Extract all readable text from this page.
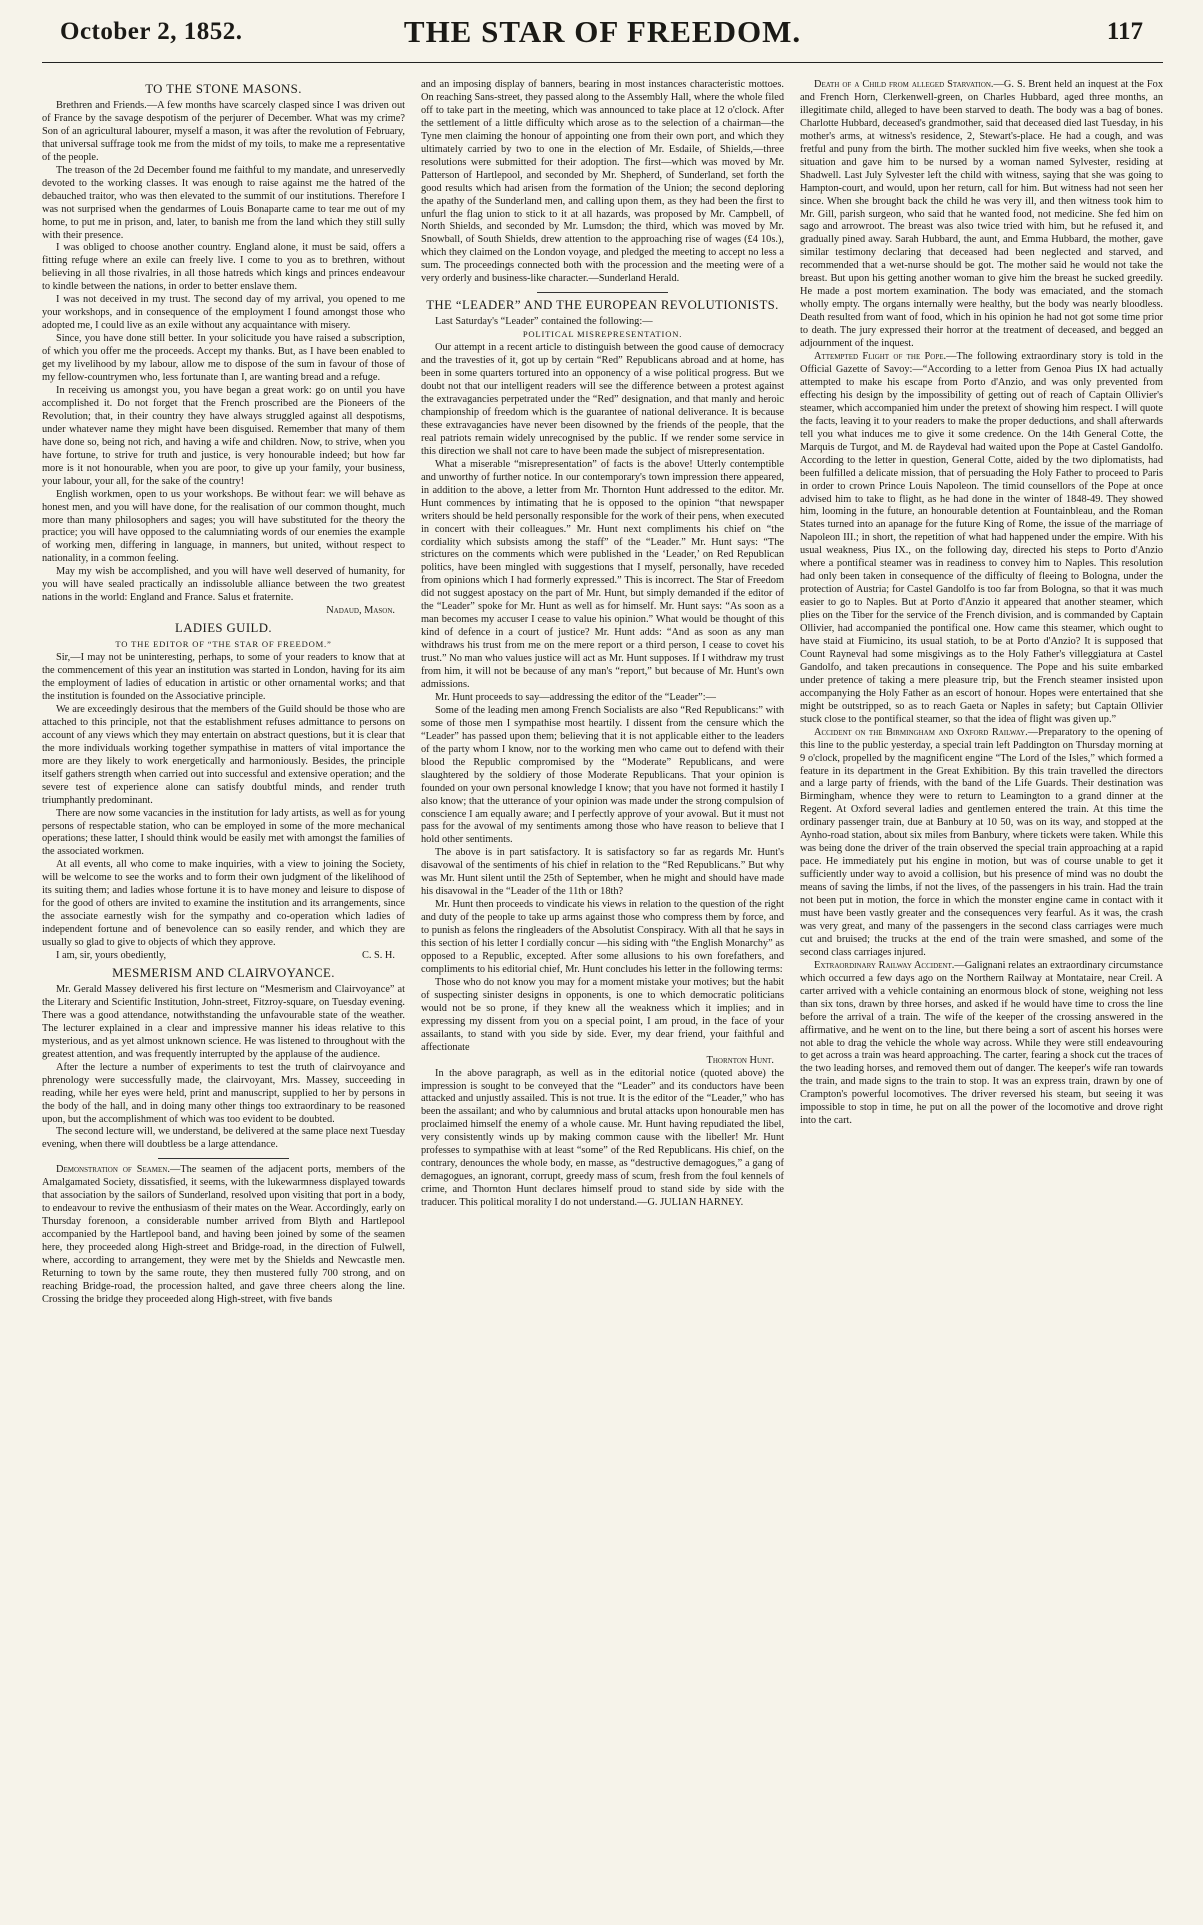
October 2, 1852.	THE STAR OF FREEDOM.	117
TO THE STONE MASONS.

Brethren and Friends.—A few months have scarcely clasped since I was driven out of France by the savage despotism of the perjurer of December. What was my crime? Son of an agricultural labourer, myself a mason, it was after the revolution of February, that universal suffrage took me from the midst of my toils, to make me a representative of the people.

The treason of the 2d December found me faithful to my mandate, and unreservedly devoted to the working classes. It was enough to raise against me the hatred of the debauched traitor, who was then elevated to the summit of our institutions. Therefore I was not surprised when the gendarmes of Louis Bonaparte came to tear me out of my home, to put me in prison, and, later, to banish me from the land which they still sully with their presence.

I was obliged to choose another country. England alone, it must be said, offers a fitting refuge where an exile can freely live. I come to you as to brethren, without believing in all those rivalries, in all those hatreds which kings and princes endeavour to kindle between the nations, in order to better enslave them.

I was not deceived in my trust. The second day of my arrival, you opened to me your workshops, and in consequence of the employment I found amongst those who adopted me, I could live as an exile without any acquaintance with misery.

Since, you have done still better. In your solicitude you have raised a subscription, of which you offer me the proceeds. Accept my thanks. But, as I have been enabled to get my livelihood by my labour, allow me to dispose of the sum in favour of those of my fellow-countrymen who, less fortunate than I, are wanting bread and a refuge.

In receiving us amongst you, you have began a great work: go on until you have accomplished it. Do not forget that the French proscribed are the Pioneers of the Revolution; that, in their country they have always struggled against all despotisms, under whatever name they might have been disguised. Remember that many of them have done so, being not rich, and having a wife and children. Now, to strive, when you have fortune, to strive for truth and justice, is very honourable indeed; but how far more is it not honourable, when you are poor, to give up your family, your business, your labour, your all, for the sake of the country!

English workmen, open to us your workshops. Be without fear: we will behave as honest men, and you will have done, for the realisation of our common thought, much more than many philosophers and sages; you will have substituted for the theory the practice; you will have opposed to the calumniating words of our enemies the example of working men, differing in language, in manners, but united, without respect to nationality, in a common feeling.

May my wish be accomplished, and you will have well deserved of humanity, for you will have sealed practically an indissoluble alliance between the two greatest nations in the world: England and France. Salus et fraternite.

Nadaud, Mason.
LADIES GUILD.
TO THE EDITOR OF “THE STAR OF FREEDOM.”

Sir,—I may not be uninteresting, perhaps, to some of your readers to know that at the commencement of this year an institution was started in London, having for its aim the employment of ladies of education in artistic or other ornamental works; and that the institution is founded on the Associative principle.

We are exceedingly desirous that the members of the Guild should be those who are attached to this principle, not that the establishment refuses admittance to persons on account of any views which they may entertain on abstract questions, but it is clear that the more individuals working together sympathise in matters of vital importance the more are they likely to work energetically and harmoniously. Besides, the principle itself gathers strength when carried out into successful and extensive operation; and the severe test of experience alone can satisfy doubtful minds, and render truth triumphantly predominant.

There are now some vacancies in the institution for lady artists, as well as for young persons of respectable station, who can be employed in some of the more mechanical operations; these latter, I should think would be easily met with amongst the families of the associated workmen.

At all events, all who come to make inquiries, with a view to joining the Society, will be welcome to see the works and to form their own judgment of the likelihood of its suiting them; and ladies whose fortune it is to have money and leisure to dispose of for the good of others are invited to examine the institution and its arrangements, since the associate earnestly wish for the sympathy and co-operation which ladies of independent fortune and of benevolence can so easily render, and which they are usually so glad to give to objects of which they approve.

I am, sir, yours obediently,	C. S. H.
MESMERISM AND CLAIRVOYANCE.

Mr. Gerald Massey delivered his first lecture on “Mesmerism and Clairvoyance” at the Literary and Scientific Institution, John-street, Fitzroy-square, on Tuesday evening. There was a good attendance, notwithstanding the unfavourable state of the weather. The lecturer explained in a clear and impressive manner his ideas relative to this mysterious, and as yet almost unknown science. He was listened to throughout with the greatest attention, and was frequently interrupted by the applause of the audience.

After the lecture a number of experiments to test the truth of clairvoyance and phrenology were successfully made, the clairvoyant, Mrs. Massey, succeeding in reading, while her eyes were held, print and manuscript, supplied to her by persons in the body of the hall, and in doing many other things too extraordinary to be reasoned upon, but the accomplishment of which was too evident to be doubted.

The second lecture will, we understand, be delivered at the same place next Tuesday evening, when there will doubtless be a large attendance.

Demonstration of Seamen.—The seamen of the adjacent ports, members of the Amalgamated Society, dissatisfied, it seems, with the lukewarmness displayed towards that association by the sailors of Sunderland, resolved upon visiting that port in a body, to endeavour to revive the enthusiasm of their mates on the Wear. Accordingly, early on Thursday forenoon, a considerable number arrived from Blyth and Hartlepool accompanied by the Hartlepool band, and having been joined by some of the seamen here, they proceeded along High-street and Bridge-road, in the direction of Fulwell, where, according to arrangement, they were met by the Shields and Newcastle men. Returning to town by the same route, they then mustered fully 700 strong, and on reaching Bridge-road, the procession halted, and gave three cheers along the line. Crossing the bridge they proceeded along High-street, with five bands

and an imposing display of banners, bearing in most instances characteristic mottoes. On reaching Sans-street, they passed along to the Assembly Hall, where the whole filed off to take part in the meeting, which was announced to take place at 12 o'clock. After the settlement of a little difficulty which arose as to the selection of a chairman—the Tyne men claiming the honour of appointing one from their own port, and which they ultimately carried by two to one in the election of Mr. Esdaile, of Shields,—three resolutions were submitted for their adoption. The first—which was moved by Mr. Patterson of Hartlepool, and seconded by Mr. Shepherd, of Sunderland, set forth the good results which had arisen from the formation of the Union; the second deploring the apathy of the Sunderland men, and calling upon them, as they had been the first to unfurl the flag union to stick to it at all hazards, was proposed by Mr. Campbell, of North Shields, and seconded by Mr. Lumsdon; the third, which was moved by Mr. Snowball, of South Shields, drew attention to the approaching rise of wages (£4 10s.), which they claimed on the London voyage, and pledged the meeting to accept no less a sum. The proceedings connected both with the procession and the meeting were of a very orderly and business-like character.—Sunderland Herald.

THE “LEADER” AND THE EUROPEAN REVOLUTIONISTS.

Last Saturday's “Leader” contained the following:—

POLITICAL MISREPRESENTATION.

Our attempt in a recent article to distinguish between the good cause of democracy and the travesties of it, got up by certain “Red” Republicans abroad and at home, has been in some quarters tortured into an opponency of a wise political progress. But we doubt not that our intelligent readers will see the difference between a protest against the extravagancies perpetrated under the “Red” designation, and that manly and heroic championship of freedom which is the guarantee of national deliverance. It is because these extravagancies have never been disowned by the friends of the people, that the real patriots remain widely unrecognised by the public. If we render some service in this direction we shall not care to have been made the subject of misrepresentation.

What a miserable “misrepresentation” of facts is the above! Utterly contemptible and unworthy of further notice. In our contemporary's town impression there appeared, in addition to the above, a letter from Mr. Thornton Hunt addressed to the editor. Mr. Hunt commences by intimating that he is opposed to the opinion “that newspaper writers should be held personally responsible for the work of their pens, when executed in concert with their colleagues.” Mr. Hunt next compliments his chief on “the cordiality which subsists among the staff” of the “Leader.” Mr. Hunt says: “The strictures on the comments which were published in the ‘Leader,’ on Red Republican politics, have been mingled with suggestions that I myself, personally, have receded from opinions which I had formerly expressed.” This is incorrect. The Star of Freedom did not suggest apostacy on the part of Mr. Hunt, but simply demanded if the editor of the “Leader” spoke for Mr. Hunt as well as for himself. Mr. Hunt says: “As soon as a man becomes my accuser I cease to value his opinion.” What would be thought of this kind of defence in a court of justice? Mr. Hunt adds: “And as soon as any man withdraws his trust from me on the mere report or a third person, I cease to covet his trust.” No man who values justice will act as Mr. Hunt supposes. If I withdraw my trust from him, it will not be because of any man's “report,” but because of Mr. Hunt's own admissions.

Mr. Hunt proceeds to say—addressing the editor of the “Leader”:—

Some of the leading men among French Socialists are also “Red Republicans:” with some of those men I sympathise most heartily. I dissent from the censure which the “Leader” has passed upon them; believing that it is not applicable either to the leaders of the party whom I know, nor to the working men who came out to defend with their blood the Republic compromised by the “Moderate” Republicans, and were slaughtered by the soldiery of those Moderate Republicans. That your opinion is founded on your own personal knowledge I know; that you have not formed it hastily I also know; that the utterance of your opinion was made under the strong compulsion of conscience I am equally aware; and I perfectly approve of your avowal. But it must not pass for the avowal of my sentiments among those who have reason to believe that I hold other sentiments.

The above is in part satisfactory. It is satisfactory so far as regards Mr. Hunt's disavowal of the sentiments of his chief in relation to the “Red Republicans.” But why was Mr. Hunt silent until the 25th of September, when he might and should have made his disavowal in the “Leader of the 11th or 18th?

Mr. Hunt then proceeds to vindicate his views in relation to the question of the right and duty of the people to take up arms against those who compress them by force, and to punish as felons the ringleaders of the Absolutist Conspiracy. With all that he says in this section of his letter I cordially concur —his siding with “the English Monarchy” as opposed to a Republic, excepted. After some allusions to his own forefathers, and compliments to his editorial chief, Mr. Hunt concludes his letter in the following terms:

Those who do not know you may for a moment mistake your motives; but the habit of suspecting sinister designs in opponents, is one to which democratic politicians would not be so prone, if they knew all the weakness which it implies; and in expressing my dissent from you on a special point, I am proud, in the face of your assailants, to stand with you side by side. Ever, my dear friend, your faithful and affectionate

Thornton Hunt.

In the above paragraph, as well as in the editorial notice (quoted above) the impression is sought to be conveyed that the “Leader” and its conductors have been attacked and unjustly assailed. This is not true. It is the editor of the “Leader,” who has been the assailant; and who by calumnious and brutal attacks upon honourable men has proclaimed himself the enemy of a whole cause. Mr. Hunt having repudiated the libel, very consistently winds up by making common cause with the libeller! Mr. Hunt professes to sympathise with at least “some” of the Red Republicans. His chief, on the contrary, denounces the whole body, en masse, as “destructive demagogues,” a gang of demagogues, an ignorant, corrupt, greedy mass of scum, fresh from the foul kennels of crime, and Thornton Hunt declares himself proud to stand side by side with the traducer. This political morality I do not understand.—G. JULIAN HARNEY.

Death of a Child from alleged Starvation.—G. S. Brent held an inquest at the Fox and French Horn, Clerkenwell-green, on Charles Hubbard, aged three months, an illegitimate child, alleged to have been starved to death. The body was a bag of bones. Charlotte Hubbard, deceased's grandmother, said that deceased died last Tuesday, in his mother's arms, at witness's residence, 2, Stewart's-place. He had a cough, and was fretful and puny from the birth. The mother suckled him five weeks, when she took a situation and gave him to be nursed by a woman named Sylvester, residing at Shadwell. Last July Sylvester left the child with witness, saying that she was going to Hampton-court, and would, upon her return, call for him. But witness had not seen her since. When she brought back the child he was very ill, and then witness took him to Mr. Gill, parish surgeon, who said that he wanted food, not medicine. She fed him on sago and arrowroot. The breast was also twice tried with him, but he refused it, and gradually pined away. Sarah Hubbard, the aunt, and Emma Hubbard, the mother, gave similar testimony declaring that deceased had been neglected and starved, and recommended that a wet-nurse should be got. The mother said he would not take the breast. But upon his getting another woman to give him the breast he sucked greedily. He made a post mortem examination. The body was emaciated, and the stomach wholly empty. The organs internally were healthy, but the body was nearly bloodless. Death resulted from want of food, which in his opinion he had not got some time prior to death. The jury expressed their horror at the treatment of deceased, and begged an adjournment of the inquest.

Attempted Flight of the Pope.—The following extraordinary story is told in the Official Gazette of Savoy:—“According to a letter from Genoa Pius IX had actually attempted to make his escape from Porto d'Anzio, and was only prevented from effecting his design by the impossibility of getting out of reach of Captain Ollivier's steamer, which accompanied him under the pretext of showing him respect. I will quote the facts, leaving it to your readers to make the proper deductions, and shall afterwards tell you what induces me to give it some credence. On the 14th General Cotte, the Marquis de Turgot, and M. de Raydeval had waited upon the Pope at Castel Gandolfo. According to the letter in question, General Cotte, aided by the two diplomatists, had been fulfilled a delicate mission, that of persuading the Holy Father to proceed to Paris in order to crown Prince Louis Napoleon. The timid counsellors of the Pope at once advised him to take to flight, as he had done in the winter of 1848-49. They showed him, looming in the future, an honourable detention at Fountainbleau, and the Roman States turned into an apanage for the future King of Rome, the issue of the marriage of Napoleon III.; in short, the repetition of what had happened under the empire. With his usual weakness, Pius IX., on the following day, directed his steps to Porto d'Anzio where a pontifical steamer was in readiness to convey him to Naples. This resolution had only been taken in consequence of the difficulty of fleeing to Bologna, under the protection of Austria; for Castel Gandolfo is too far from Bologna, so that it was much easier to go to Naples. But at Porto d'Anzio it appeared that another steamer, which plies on the Tiber for the service of the French division, and is commanded by Captain Ollivier, had accompanied the pontifical one. How came this steamer, which ought to have staid at Fiumicino, its usual statioh, to be at Porto d'Anzio? It is supposed that Count Rayneval had some misgivings as to the Holy Father's villeggiatura at Castel Gandolfo, and taken precautions in consequence. The Pope and his suite embarked under pretence of taking a mere pleasure trip, but the French steamer insisted upon accompanying the Holy Father as an escort of honour. Hopes were entertained that she might be outstripped, so as to reach Gaeta or Naples in safety; but Captain Ollivier stuck close to the pontifical steamer, so that the idea of flight was given up.”

Accident on the Birmingham and Oxford Railway.—Preparatory to the opening of this line to the public yesterday, a special train left Paddington on Thursday morning at 9 o'clock, propelled by the magnificent engine “The Lord of the Isles,” which formed a feature in its department in the Great Exhibition. By this train travelled the directors and a large party of friends, with the band of the Life Guards. Their destination was Birmingham, whence they were to return to Leamington to a grand dinner at the Regent. At Oxford several ladies and gentlemen entered the train. At this time the ordinary passenger train, due at Banbury at 10 50, was on its way, and stopped at the Aynho-road station, about six miles from Banbury, where tickets were taken. While this was being done the driver of the train observed the special train approaching at a rapid pace. He immediately put his engine in motion, but was of course unable to get it sufficiently under way to avoid a collision, but his presence of mind was no doubt the means of saving the limbs, if not the lives, of the passengers in his train. Had the train not been put in motion, the force in which the monster engine came in contact with it must have been vastly greater and the consequences very fearful. As it was, the crash was very great, and many of the passengers in the second class carriages were much cut and bruised; the trucks at the end of the train were smashed, and some of the second class carriages injured.

Extraordinary Railway Accident.—Galignani relates an extraordinary circumstance which occurred a few days ago on the Northern Railway at Montataire, near Creil. A carter arrived with a vehicle containing an enormous block of stone, weighing not less than six tons, drawn by three horses, and asked if he would have time to cross the line before the arrival of a train. The wife of the keeper of the crossing answered in the affirmative, and he went on to the line, but there being a sort of ascent his horses were not able to drag the vehicle the whole way across. While they were still endeavouring to get across a train was heard approaching. The carter, fearing a shock cut the traces of the two leading horses, and removed them out of danger. The keeper's wife ran towards the train, and made signs to the train to stop. It was an express train, drawn by one of Crampton's powerful locomotives. The driver reversed his steam, but seeing it was impossible to stop in time, he put on all the power of the locomotive and drove right into the cart.
